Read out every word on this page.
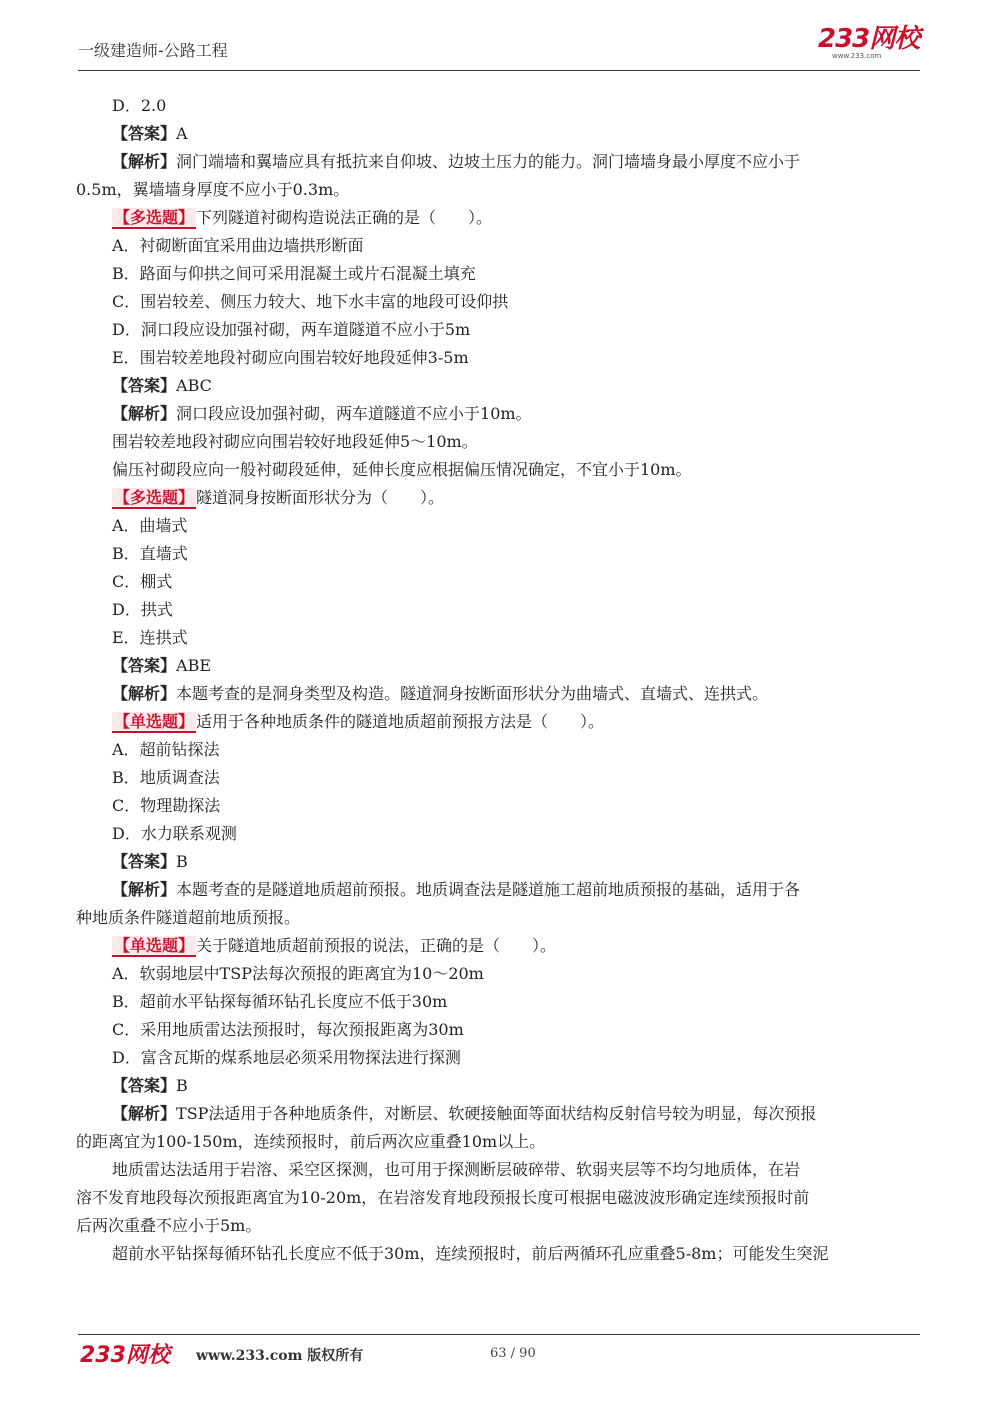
一级建造师-公路工程	233网校
www.233.com
D．2.0
【答案】A
【解析】洞门端墙和翼墙应具有抵抗来自仰坡、边坡土压力的能力。洞门墙墙身最小厚度不应小于
0.5m，翼墙墙身厚度不应小于0.3m。
【多选题】 下列隧道衬砌构造说法正确的是（　　）。
A．衬砌断面宜采用曲边墙拱形断面
B．路面与仰拱之间可采用混凝土或片石混凝土填充
C．围岩较差、侧压力较大、地下水丰富的地段可设仰拱
D．洞口段应设加强衬砌，两车道隧道不应小于5m
E．围岩较差地段衬砌应向围岩较好地段延伸3-5m
【答案】ABC
【解析】洞口段应设加强衬砌，两车道隧道不应小于10m。
围岩较差地段衬砌应向围岩较好地段延伸5～10m。
偏压衬砌段应向一般衬砌段延伸，延伸长度应根据偏压情况确定，不宜小于10m。
【多选题】 隧道洞身按断面形状分为（　　）。
A．曲墙式
B．直墙式
C．棚式
D．拱式
E．连拱式
【答案】ABE
【解析】本题考查的是洞身类型及构造。隧道洞身按断面形状分为曲墙式、直墙式、连拱式。
【单选题】 适用于各种地质条件的隧道地质超前预报方法是（　　）。
A．超前钻探法
B．地质调查法
C．物理勘探法
D．水力联系观测
【答案】B
【解析】本题考查的是隧道地质超前预报。地质调查法是隧道施工超前地质预报的基础，适用于各
种地质条件隧道超前地质预报。
【单选题】 关于隧道地质超前预报的说法，正确的是（　　）。
A．软弱地层中TSP法每次预报的距离宜为10～20m
B．超前水平钻探每循环钻孔长度应不低于30m
C．采用地质雷达法预报时，每次预报距离为30m
D．富含瓦斯的煤系地层必须采用物探法进行探测
【答案】B
【解析】TSP法适用于各种地质条件，对断层、软硬接触面等面状结构反射信号较为明显，每次预报
的距离宜为100-150m，连续预报时，前后两次应重叠10m以上。
地质雷达法适用于岩溶、采空区探测，也可用于探测断层破碎带、软弱夹层等不均匀地质体，在岩
溶不发育地段每次预报距离宜为10-20m，在岩溶发育地段预报长度可根据电磁波波形确定连续预报时前
后两次重叠不应小于5m。
超前水平钻探每循环钻孔长度应不低于30m，连续预报时，前后两循环孔应重叠5-8m；可能发生突泥
233网校 www.233.com 版权所有	63 / 90
